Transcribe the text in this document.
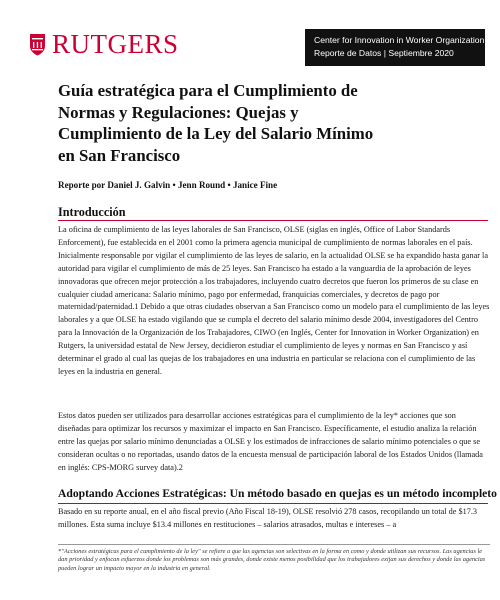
RUTGERS	Center for Innovation in Worker Organization
Reporte de Datos | Septiembre 2020
Guía estratégica para el Cumplimiento de Normas y Regulaciones: Quejas y Cumplimiento de la Ley del Salario Mínimo en San Francisco

Reporte por Daniel J. Galvin • Jenn Round • Janice Fine

Introducción

La oficina de cumplimiento de las leyes laborales de San Francisco, OLSE (siglas en inglés, Office of Labor Standards Enforcement), fue establecida en el 2001 como la primera agencia municipal de cumplimiento de normas laborales en el país. Inicialmente responsable por vigilar el cumplimiento de las leyes de salario, en la actualidad OLSE se ha expandido hasta ganar la autoridad para vigilar el cumplimiento de más de 25 leyes. San Francisco ha estado a la vanguardia de la aprobación de leyes innovadoras que ofrecen mejor protección a los trabajadores, incluyendo cuatro decretos que fueron los primeros de su clase en cualquier ciudad americana: Salario mínimo, pago por enfermedad, franquicias comerciales, y decretos de pago por maternidad/paternidad.1 Debido a que otras ciudades observan a San Francisco como un modelo para el cumplimiento de las leyes laborales y a que OLSE ha estado vigilando que se cumpla el decreto del salario mínimo desde 2004, investigadores del Centro para la Innovación de la Organización de los Trabajadores, CIWO (en Inglés, Center for Innovation in Worker Organization) en Rutgers, la universidad estatal de New Jersey, decidieron estudiar el cumplimiento de leyes y normas en San Francisco y así determinar el grado al cual las quejas de los trabajadores en una industria en particular se relaciona con el cumplimiento de las leyes en la industria en general.

Estos datos pueden ser utilizados para desarrollar acciones estratégicas para el cumplimiento de la ley* acciones que son diseñadas para optimizar los recursos y maximizar el impacto en San Francisco. Específicamente, el estudio analiza la relación entre las quejas por salario mínimo denunciadas a OLSE y los estimados de infracciones de salario mínimo potenciales o que se consideran ocultas o no reportadas, usando datos de la encuesta mensual de participación laboral de los Estados Unidos (llamada en inglés: CPS-MORG survey data).2

Adoptando Acciones Estratégicas: Un método basado en quejas es un método incompleto

Basado en su reporte anual, en el año fiscal previo (Año Fiscal 18-19), OLSE resolvió 278 casos, recopilando un total de $17.3 millones. Esta suma incluye $13.4 millones en restituciones – salarios atrasados, multas e intereses – a

*"Acciones estratégicas para el cumplimiento de la ley" se refiere a que las agencias son selectivas en la forma en como y donde utilizan sus recursos. Las agencias le dan prioridad y enfocan esfuerzos donde los problemas son más grandes, donde existe menos posibilidad que los trabajadores exijan sus derechos y donde las agencias pueden lograr un impacto mayor en la industria en general.
